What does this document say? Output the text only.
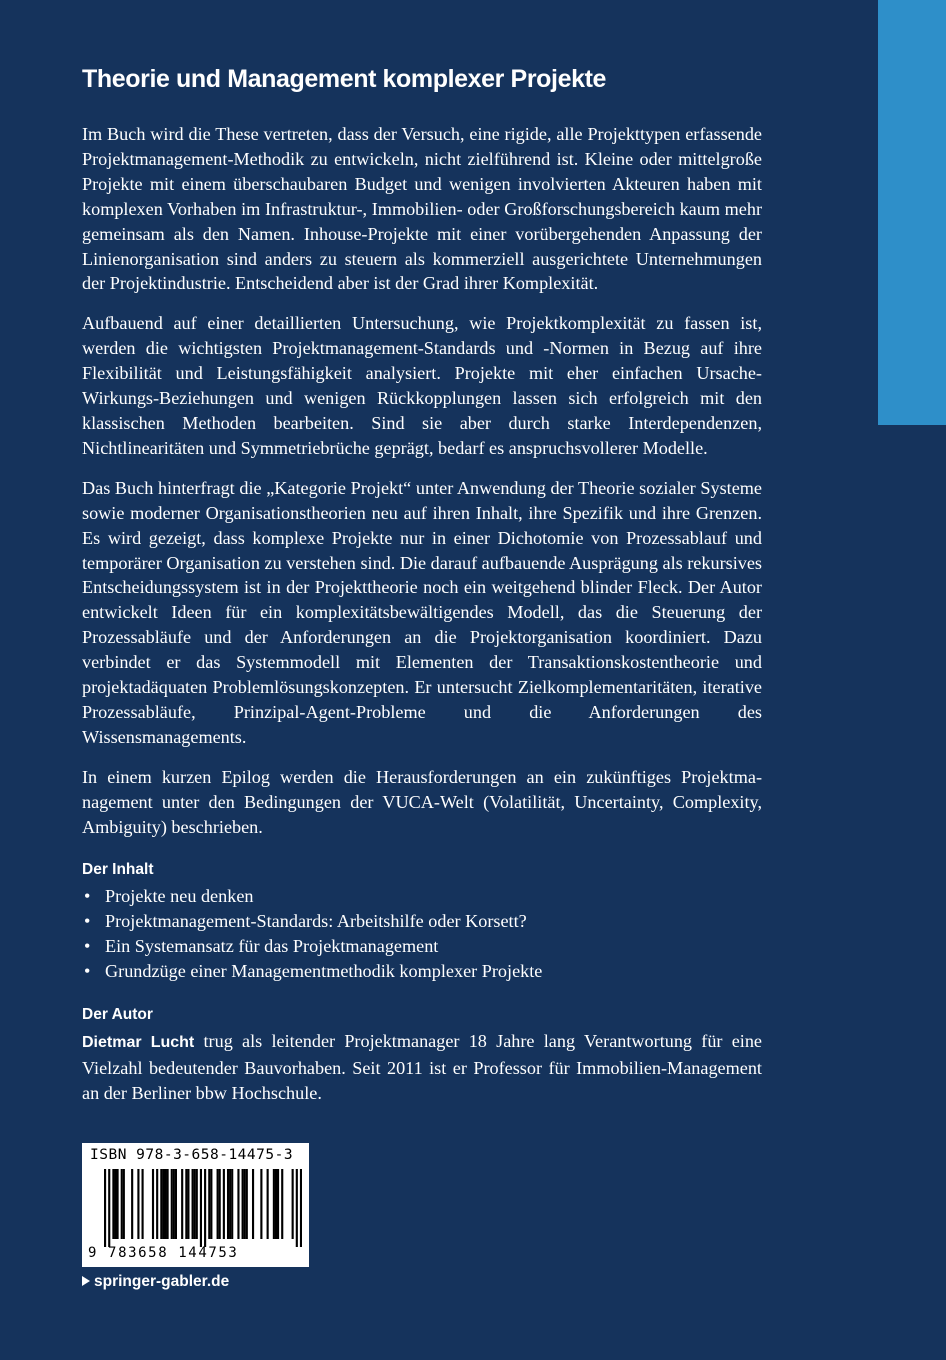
Theorie und Management komplexer Projekte

Im Buch wird die These vertreten, dass der Versuch, eine rigide, alle Projekttypen erfassende Projektmanagement-Methodik zu entwickeln, nicht zielführend ist. Kleine oder mittelgroße Projekte mit einem überschaubaren Budget und wenigen involvierten Akteuren haben mit komplexen Vorhaben im Infrastruktur-, Immobilien- oder Großforschungsbereich kaum mehr gemeinsam als den Namen. Inhouse-Projekte mit einer vorübergehenden Anpassung der Linienorganisation sind anders zu steuern als kommerziell ausgerichtete Unternehmungen der Projektindustrie. Entscheidend aber ist der Grad ihrer Komplexität.

Aufbauend auf einer detaillierten Untersuchung, wie Projektkomplexität zu fassen ist, werden die wichtigsten Projektmanagement-Standards und -Normen in Bezug auf ihre Flexibilität und Leistungsfähigkeit analysiert. Projekte mit eher einfachen Ursache-Wirkungs-Beziehungen und wenigen Rückkopplungen lassen sich erfolgreich mit den klassischen Methoden bearbeiten. Sind sie aber durch starke Interdependenzen, Nichtlinearitäten und Symmetriebrüche geprägt, bedarf es anspruchsvollerer Modelle.

Das Buch hinterfragt die „Kategorie Projekt“ unter Anwendung der Theorie sozialer Systeme sowie moderner Organisationstheorien neu auf ihren Inhalt, ihre Spezifik und ihre Grenzen. Es wird gezeigt, dass komplexe Projekte nur in einer Dichotomie von Prozessablauf und temporärer Organisation zu verstehen sind. Die darauf aufbauende Ausprägung als rekursives Entscheidungssystem ist in der Projekttheorie noch ein weitgehend blinder Fleck. Der Autor entwickelt Ideen für ein komplexitätsbewältigendes Modell, das die Steuerung der Prozessabläufe und der Anforderungen an die Projektorganisation koordiniert. Dazu verbindet er das Systemmodell mit Elementen der Transaktionskostentheorie und projektadäquaten Problemlösungskonzepten. Er untersucht Zielkomplementaritäten, iterative Prozessabläufe, Prinzipal-Agent-Probleme und die Anforderungen des Wissensmanagements.

In einem kurzen Epilog werden die Herausforderungen an ein zukünftiges Projektmanagement unter den Bedingungen der VUCA-Welt (Volatilität, Uncertainty, Complexity, Ambiguity) beschrieben.

Der Inhalt
• Projekte neu denken
• Projektmanagement-Standards: Arbeitshilfe oder Korsett?
• Ein Systemansatz für das Projektmanagement
• Grundzüge einer Managementmethodik komplexer Projekte
Der Autor

Dietmar Lucht trug als leitender Projektmanager 18 Jahre lang Verantwortung für eine Vielzahl bedeutender Bauvorhaben. Seit 2011 ist er Professor für Immobilien-Management an der Berliner bbw Hochschule.

ISBN 978-3-658-14475-3
9 783658 144753
springer-gabler.de
